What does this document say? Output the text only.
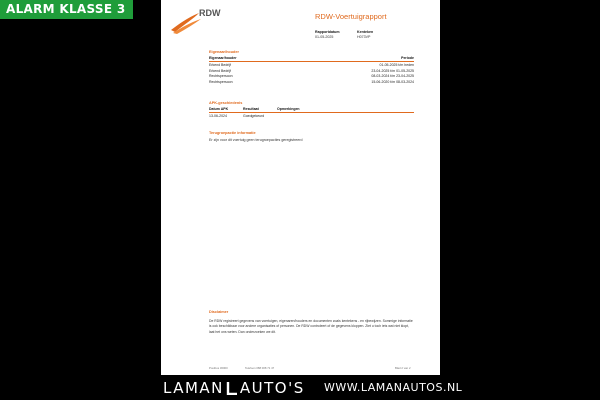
ALARM KLASSE 3	RDW	RDW-Voertuigrapport
Rapportdatum
01-05-2025
Kenteken
H073VP
Eigenaar/houder
Eigenaar/houder	Periode
Erkend Bedrijf	01-05-2025 t/m heden
Erkend Bedrijf	23-04-2025 t/m 01-05-2025
Rechtspersoon	08-03-2024 t/m 23-04-2025
Rechtspersoon	15-06-2020 t/m 08-03-2024
APK-geschiedenis
Datum APK	Resultaat	Opmerkingen
13-06-2024	Goedgekeurd
Terugroepactie informatie
Er zijn voor dit voertuig geen terugroepacties geregistreerd
Disclaimer
De RDW registreert gegevens van voertuigen, eigenaren/houders en documenten zoals kentekens - en rijbewijzen. Sommige informatie is ook beschikbaar voor andere organisaties of personen. De RDW controleert of de gegevens kloppen. Ziet u toch iets wat niet klopt, laat het ons weten. Dan onderzoeken we dit.
Postbus 30000	Telefoon 088 008 71 47	Blad 2 van 2
LAMAN AUTO'S WWW.LAMANAUTOS.NL
